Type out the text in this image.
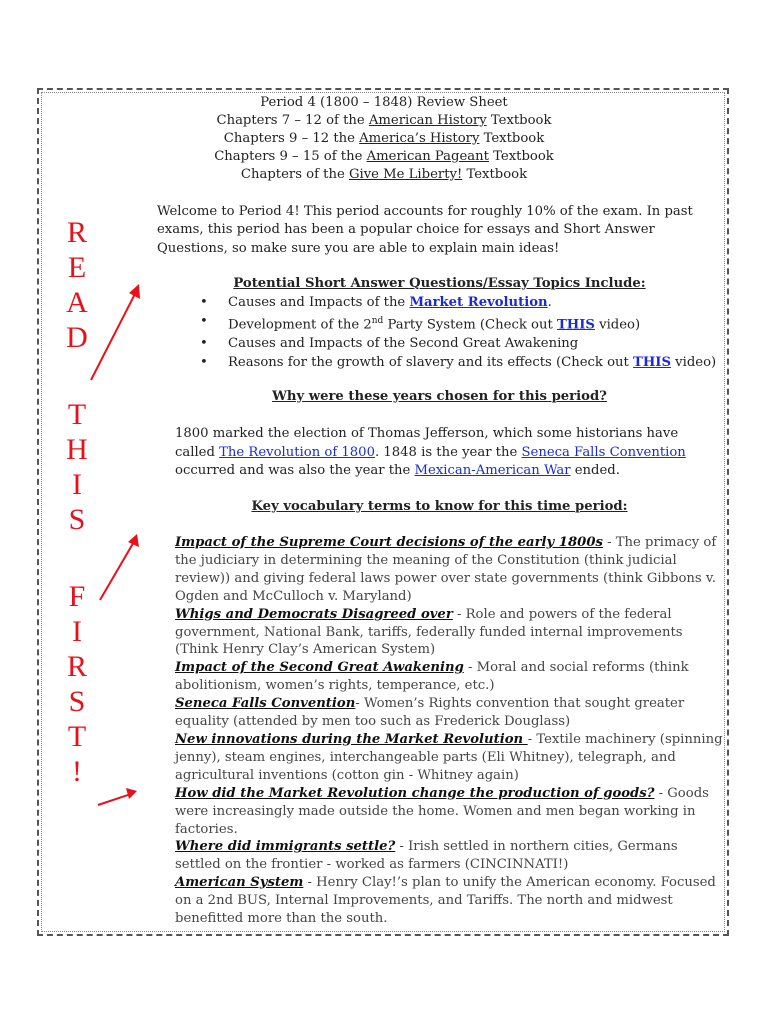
Period 4 (1800 – 1848) Review Sheet
Chapters 7 – 12 of the American History Textbook
Chapters 9 – 12 the America’s History Textbook
Chapters 9 – 15 of the American Pageant Textbook
Chapters of the Give Me Liberty! Textbook
R
E
A
D
T
H
I
S
F
I
R
S
T
!
Welcome to Period 4! This period accounts for roughly 10% of the exam. In past exams, this period has been a popular choice for essays and Short Answer Questions, so make sure you are able to explain main ideas!
Potential Short Answer Questions/Essay Topics Include:
• Causes and Impacts of the Market Revolution.
• Development of the 2nd Party System (Check out THIS video)
• Causes and Impacts of the Second Great Awakening
• Reasons for the growth of slavery and its effects (Check out THIS video)
Why were these years chosen for this period?
1800 marked the election of Thomas Jefferson, which some historians have called The Revolution of 1800. 1848 is the year the Seneca Falls Convention occurred and was also the year the Mexican-American War ended.
Key vocabulary terms to know for this time period:

Impact of the Supreme Court decisions of the early 1800s - The primacy of the judiciary in determining the meaning of the Constitution (think judicial review)) and giving federal laws power over state governments (think Gibbons v. Ogden and McCulloch v. Maryland)

Whigs and Democrats Disagreed over - Role and powers of the federal government, National Bank, tariffs, federally funded internal improvements (Think Henry Clay’s American System)

Impact of the Second Great Awakening - Moral and social reforms (think abolitionism, women’s rights, temperance, etc.)

Seneca Falls Convention- Women’s Rights convention that sought greater equality (attended by men too such as Frederick Douglass)

New innovations during the Market Revolution - Textile machinery (spinning jenny), steam engines, interchangeable parts (Eli Whitney), telegraph, and agricultural inventions (cotton gin - Whitney again)

How did the Market Revolution change the production of goods? - Goods were increasingly made outside the home. Women and men began working in factories.

Where did immigrants settle? - Irish settled in northern cities, Germans settled on the frontier - worked as farmers (CINCINNATI!)

American System - Henry Clay!’s plan to unify the American economy. Focused on a 2nd BUS, Internal Improvements, and Tariffs. The north and midwest benefitted more than the south.
